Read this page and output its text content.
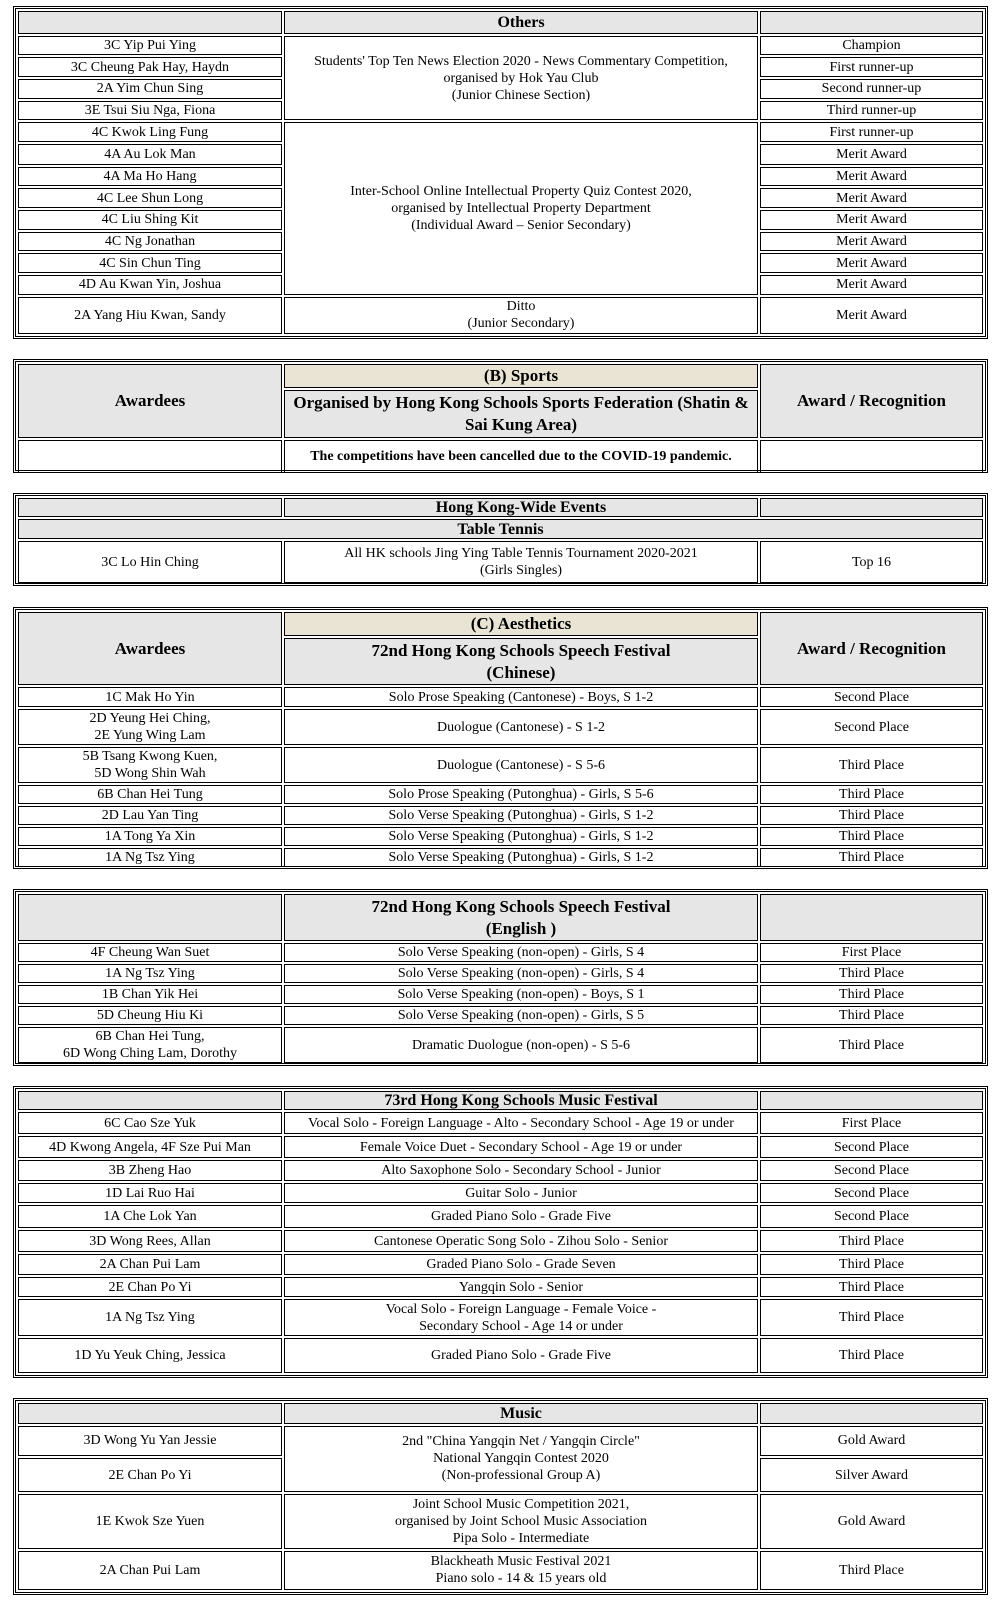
	Others	
3C Yip Pui Ying	Students' Top Ten News Election 2020 - News Commentary Competition,
organised by Hok Yau Club
(Junior Chinese Section)	Champion
3C Cheung Pak Hay, Haydn		First runner-up
2A Yim Chun Sing		Second runner-up
3E Tsui Siu Nga, Fiona		Third runner-up
4C Kwok Ling Fung	Inter-School Online Intellectual Property Quiz Contest 2020,
organised by Intellectual Property Department
(Individual Award – Senior Secondary)	First runner-up
4A Au Lok Man		Merit Award
4A Ma Ho Hang		Merit Award
4C Lee Shun Long		Merit Award
4C Liu Shing Kit		Merit Award
4C Ng Jonathan		Merit Award
4C Sin Chun Ting		Merit Award
4D Au Kwan Yin, Joshua		Merit Award
2A Yang Hiu Kwan, Sandy	Ditto
(Junior Secondary)	Merit Award
Awardees	(B) Sports	Award / Recognition
	Organised by Hong Kong Schools Sports Federation (Shatin & Sai Kung Area)	
	The competitions have been cancelled due to the COVID-19 pandemic.	
	Hong Kong-Wide Events	
Table Tennis		
3C Lo Hin Ching	All HK schools Jing Ying Table Tennis Tournament 2020-2021
(Girls Singles)	Top 16
Awardees	(C) Aesthetics	Award / Recognition
	72nd Hong Kong Schools Speech Festival
(Chinese)	
1C Mak Ho Yin	Solo Prose Speaking (Cantonese) - Boys, S 1-2	Second Place
2D Yeung Hei Ching,
2E Yung Wing Lam	Duologue (Cantonese) - S 1-2	Second Place
5B Tsang Kwong Kuen,
5D Wong Shin Wah	Duologue (Cantonese) - S 5-6	Third Place
6B Chan Hei Tung	Solo Prose Speaking (Putonghua) - Girls, S 5-6	Third Place
2D Lau Yan Ting	Solo Verse Speaking (Putonghua) - Girls, S 1-2	Third Place
1A Tong Ya Xin	Solo Verse Speaking (Putonghua) - Girls, S 1-2	Third Place
1A Ng Tsz Ying	Solo Verse Speaking (Putonghua) - Girls, S 1-2	Third Place
	72nd Hong Kong Schools Speech Festival
(English )	
4F Cheung Wan Suet	Solo Verse Speaking (non-open) - Girls, S 4	First Place
1A Ng Tsz Ying	Solo Verse Speaking (non-open) - Girls, S 4	Third Place
1B Chan Yik Hei	Solo Verse Speaking (non-open) - Boys, S 1	Third Place
5D Cheung Hiu Ki	Solo Verse Speaking (non-open) - Girls, S 5	Third Place
6B Chan Hei Tung,
6D Wong Ching Lam, Dorothy	Dramatic Duologue (non-open) - S 5-6	Third Place
	73rd Hong Kong Schools Music Festival	
6C Cao Sze Yuk	Vocal Solo - Foreign Language - Alto - Secondary School - Age 19 or under	First Place
4D Kwong Angela, 4F Sze Pui Man	Female Voice Duet - Secondary School - Age 19 or under	Second Place
3B Zheng Hao	Alto Saxophone Solo - Secondary School - Junior	Second Place
1D Lai Ruo Hai	Guitar Solo - Junior	Second Place
1A Che Lok Yan	Graded Piano Solo - Grade Five	Second Place
3D Wong Rees, Allan	Cantonese Operatic Song Solo - Zihou Solo - Senior	Third Place
2A Chan Pui Lam	Graded Piano Solo - Grade Seven	Third Place
2E Chan Po Yi	Yangqin Solo - Senior	Third Place
1A Ng Tsz Ying	Vocal Solo - Foreign Language - Female Voice -
Secondary School - Age 14 or under	Third Place
1D Yu Yeuk Ching, Jessica	Graded Piano Solo - Grade Five	Third Place
	Music	
3D Wong Yu Yan Jessie	2nd "China Yangqin Net / Yangqin Circle"
National Yangqin Contest 2020
(Non-professional Group A)	Gold Award
2E Chan Po Yi		Silver Award
1E Kwok Sze Yuen	Joint School Music Competition 2021,
organised by Joint School Music Association
Pipa Solo - Intermediate	Gold Award
2A Chan Pui Lam	Blackheath Music Festival 2021
Piano solo - 14 & 15 years old	Third Place
